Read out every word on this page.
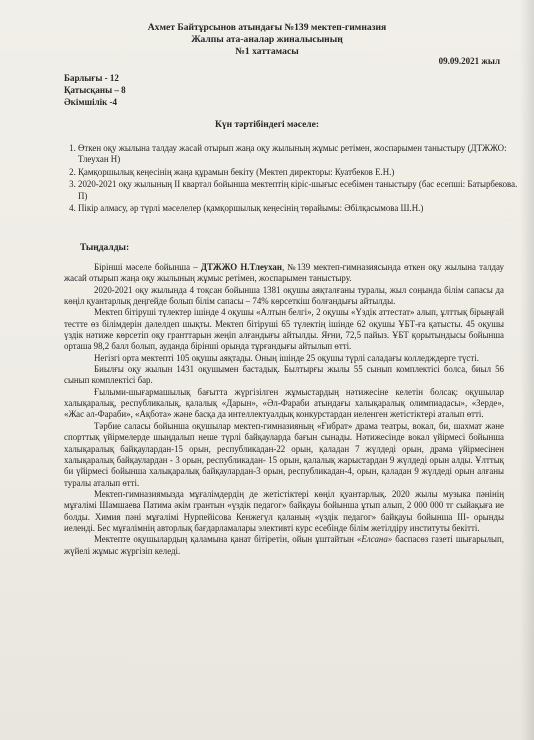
Ахмет Байтұрсынов атындағы №139 мектеп-гимназия
Жалпы ата-аналар жиналысының
№1 хаттамасы
09.09.2021 жыл
Барлығы - 12
Қатысқаны – 8
Әкімшілік -4
Күн тәртібіндегі мәселе:
1. Өткен оқу жылына талдау жасай отырып жаңа оқу жылының жұмыс ретімен, жоспарымен таныстыру (ДТЖЖО: Тлеухан Н)
2. Қамқоршылық кеңесінің жаңа құрамын бекіту (Мектеп директоры: Куатбеков Е.Н.)
3. 2020-2021 оқу жылының II квартал бойынша мектептің кіріс-шығыс есебімен таныстыру (бас есепші: Батырбекова. П)
4. Пікір алмасу, әр түрлі мәселелер (қамқоршылық кеңесінің төрайымы: Әбілқасымова Ш.Н.)
Тыңдалды:

Бірінші мәселе бойынша – ДТЖЖО Н.Тлеухан, №139 мектеп-гимназиясында өткен оқу жылына талдау жасай отырып жаңа оқу жылының жұмыс ретімен, жоспарымен таныстыру.

2020-2021 оқу жылында 4 тоқсан бойынша 1381 оқушы аяқталғаны туралы, жыл соңында білім сапасы да көңіл қуантарлық деңгейде болып білім сапасы – 74% көрсеткіш болғандығы айтылды.

Мектеп бітіруші түлектер ішінде 4 оқушы «Алтын белгі», 2 оқушы «Үздік аттестат» алып, ұлттық бірыңғай тестте өз білімдерін дәлелдеп шықты. Мектеп бітіруші 65 түлектің ішінде 62 оқушы ҰБТ-ға қатысты. 45 оқушы үздік нәтиже көрсетіп оқу гранттарын жеңіп алғандығы айтылды. Яғни, 72,5 пайыз. ҰБТ қорытындысы бойынша орташа 98,2 балл болып, ауданда бірінші орында тұрғандығы айтылып өтті.

Негізгі орта мектепті 105 оқушы аяқтады. Оның ішінде 25 оқушы түрлі саладағы колледждерге түсті.

Биылғы оқу жылын 1431 оқушымен бастадық. Былтырғы жылы 55 сынып комплектісі болса, биыл 56 сынып комплектісі бар.

Ғылыми-шығармашылық бағытта жүргізілген жұмыстардың нәтижесіне келетін болсақ: оқушылар халықаралық, республикалық, қалалық «Дарын», «Әл-Фараби атындағы халықаралық олимпиадасы», «Зерде», «Жас әл-Фараби», «Ақбота» және басқа да интеллектуалдық конкурстардан иеленген жетістіктері аталып өтті.

Тәрбие саласы бойынша оқушылар мектеп-гимназияның «Ғибрат» драма театры, вокал, би, шахмат және спорттық үйірмелерде шыңдалып неше түрлі байқауларда бағын сынады. Нәтижесінде вокал үйірмесі бойынша халықаралық байқаулардан-15 орын, республикадан-22 орын, қаладан 7 жүлдеді орын, драма үйірмесінен халықаралық байқаулардан - 3 орын, республикадан- 15 орын, қалалық жарыстардан 9 жүлдеді орын алды. Ұлттық би үйірмесі бойынша халықаралық байқаулардан-3 орын, республикадан-4, орын, қаладан 9 жүлдеді орын алғаны туралы аталып өтті.

Мектеп-гимназиямызда мұғалімдердің де жетістіктері көңіл қуантарлық. 2020 жылы музыка пәнінің мұғалімі Шамшаева Патима әкім грантын «үздік педагог» байқауы бойынша ұтып алып, 2 000 000 тг сыйақыға ие болды. Химия пәні мұғалімі Нурпейісова Кенжегүл қаланың «үздік педагог» байқауы бойынша III- орынды иеленді. Бес мұғалімнің авторлық бағдарламалары элективті курс есебінде білім жетілдіру институты бекітті.

Мектепте оқушылардың қаламына қанат бітіретін, ойын ұштайтын «Елсана» баспасөз газеті шығарылып, жүйелі жұмыс жүргізіп келеді.
